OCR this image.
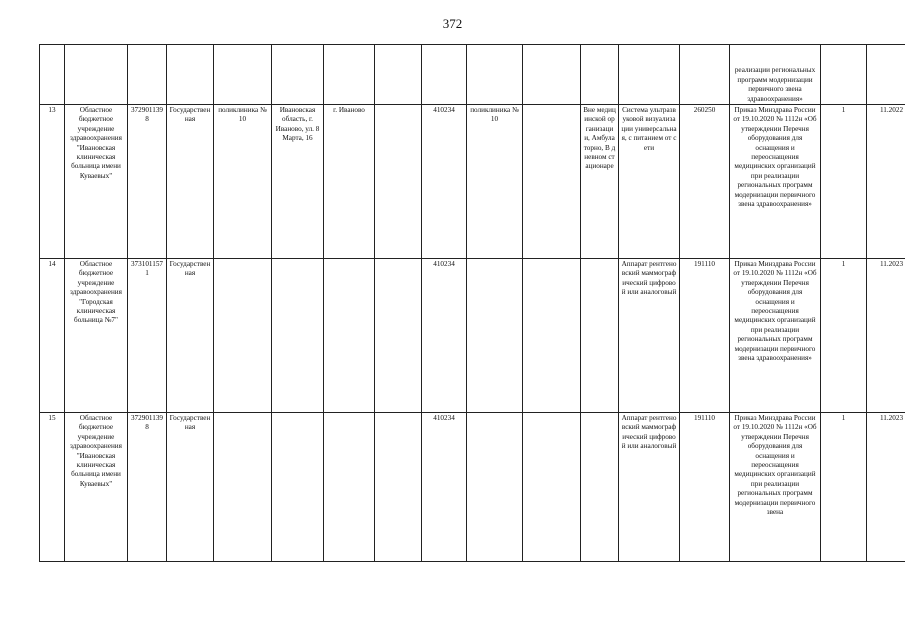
372
														реализации региональных программ модернизации первичного звена здравоохранения»		
13	Областное бюджетное учреждение здравоохранения "Ивановская клиническая больница имени Куваевых"	3729011398	Государственная	поликлиника № 10	Ивановская область, г. Иваново, ул. 8 Марта, 16	г. Иваново		410234	поликлиника № 10		Вне медицинской организации, Амбулаторно, В дневном стационаре	Система ультразвуковой визуализации универсальная, с питанием от сети	260250	Приказ Минздрава России от 19.10.2020 № 1112н «Об утверждении Перечня оборудования для оснащения и переоснащения медицинских организаций при реализации региональных программ модернизации первичного звена здравоохранения»	1	11.2022
14	Областное бюджетное учреждение здравоохранения "Городская клиническая больница №7"	3731011571	Государственная					410234				Аппарат рентгеновский маммографический цифровой или аналоговый	191110	Приказ Минздрава России от 19.10.2020 № 1112н «Об утверждении Перечня оборудования для оснащения и переоснащения медицинских организаций при реализации региональных программ модернизации первичного звена здравоохранения»	1	11.2023
15	Областное бюджетное учреждение здравоохранения "Ивановская клиническая больница имени Куваевых"	3729011398	Государственная					410234				Аппарат рентгеновский маммографический цифровой или аналоговый	191110	Приказ Минздрава России от 19.10.2020 № 1112н «Об утверждении Перечня оборудования для оснащения и переоснащения медицинских организаций при реализации региональных программ модернизации первичного звена	1	11.2023
